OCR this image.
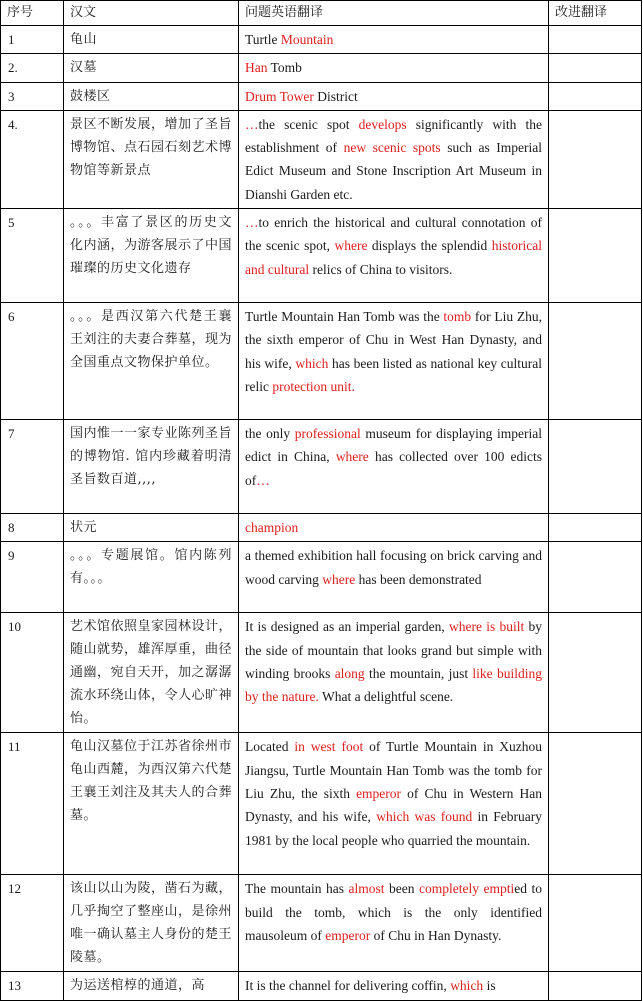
序号	汉文	问题英语翻译	改进翻译
1	龟山	Turtle Mountain	
2.	汉墓	Han Tomb	
3	鼓楼区	Drum Tower District	
4.	景区不断发展，增加了圣旨博物馆、点石园石刻艺术博物馆等新景点	…the scenic spot develops significantly with the establishment of new scenic spots such as Imperial Edict Museum and Stone Inscription Art Museum in Dianshi Garden etc.	
5	。。。丰富了景区的历史文化内涵，为游客展示了中国璀璨的历史文化遗存	…to enrich the historical and cultural connotation of the scenic spot, where displays the splendid historical and cultural relics of China to visitors.	
6	。。。是西汉第六代楚王襄王刘注的夫妻合葬墓，现为全国重点文物保护单位。	Turtle Mountain Han Tomb was the tomb for Liu Zhu, the sixth emperor of Chu in West Han Dynasty, and his wife, which has been listed as national key cultural relic protection unit.	
7	国内惟一一家专业陈列圣旨的博物馆. 馆内珍藏着明清圣旨数百道,,,,	the only professional museum for displaying imperial edict in China, where has collected over 100 edicts of…	
8	状元	champion	
9	。。。专题展馆。馆内陈列有。。。	a themed exhibition hall focusing on brick carving and wood carving where has been demonstrated	
10	艺术馆依照皇家园林设计，随山就势，雄浑厚重，曲径通幽，宛自天开，加之潺潺流水环绕山体，令人心旷神怡。	It is designed as an imperial garden, where is built by the side of mountain that looks grand but simple with winding brooks along the mountain, just like building by the nature. What a delightful scene.	
11	龟山汉墓位于江苏省徐州市龟山西麓，为西汉第六代楚王襄王刘注及其夫人的合葬墓。	Located in west foot of Turtle Mountain in Xuzhou Jiangsu, Turtle Mountain Han Tomb was the tomb for Liu Zhu, the sixth emperor of Chu in Western Han Dynasty, and his wife, which was found in February 1981 by the local people who quarried the mountain.	
12	该山以山为陵，凿石为藏，几乎掏空了整座山，是徐州唯一确认墓主人身份的楚王陵墓。	The mountain has almost been completely emptied to build the tomb, which is the only identified mausoleum of emperor of Chu in Han Dynasty.	
13	为运送棺椁的通道，高	It is the channel for delivering coffin, which is	
